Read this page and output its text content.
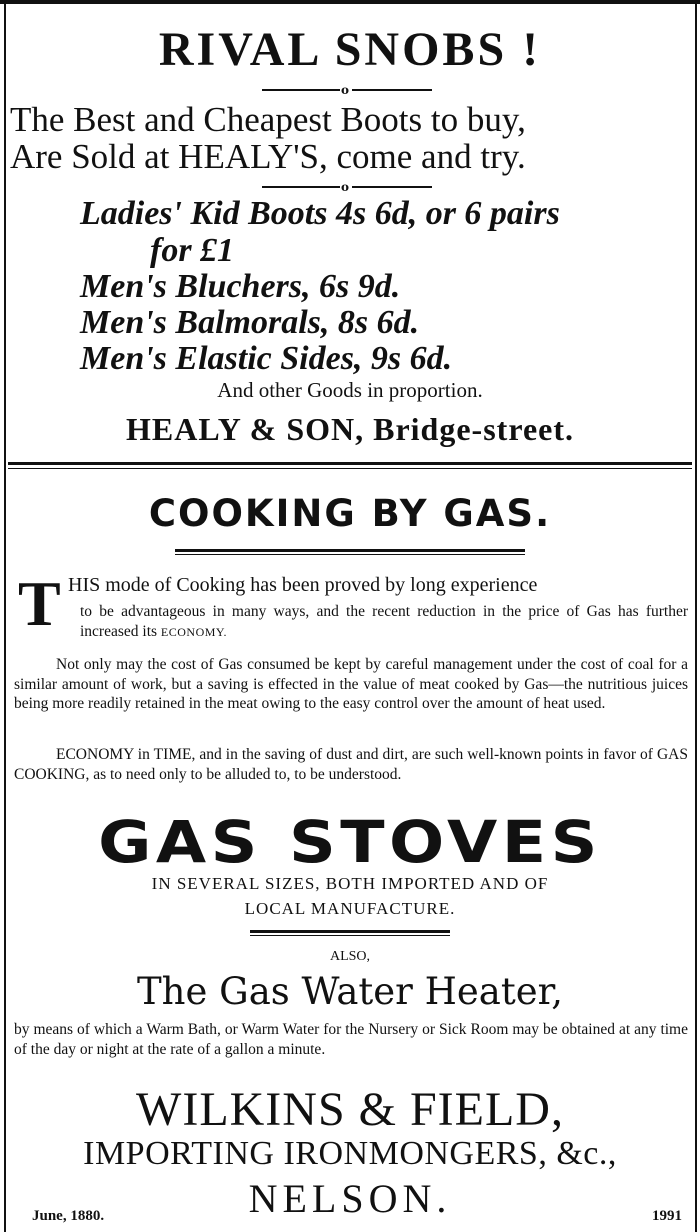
RIVAL SNOBS !
o
The Best and Cheapest Boots to buy,
Are Sold at HEALY'S, come and try.
o
Ladies' Kid Boots 4s 6d, or 6 pairs
for £1
Men's Bluchers, 6s 9d.
Men's Balmorals, 8s 6d.
Men's Elastic Sides, 9s 6d.
And other Goods in proportion.
HEALY & SON, Bridge-street.
COOKING BY GAS.
T HIS mode of Cooking has been proved by long experience
to be advantageous in many ways, and the recent reduction in the price of Gas has further increased its ECONOMY.
Not only may the cost of Gas consumed be kept by careful management under the cost of coal for a similar amount of work, but a saving is effected in the value of meat cooked by Gas—the nutritious juices being more readily retained in the meat owing to the easy control over the amount of heat used.
ECONOMY in TIME, and in the saving of dust and dirt, are such well-known points in favor of GAS COOKING, as to need only to be alluded to, to be understood.
GAS STOVES
IN SEVERAL SIZES, BOTH IMPORTED AND OF
LOCAL MANUFACTURE.
ALSO,
The Gas Water Heater,
by means of which a Warm Bath, or Warm Water for the Nursery or Sick Room may be obtained at any time of the day or night at the rate of a gallon a minute.
WILKINS & FIELD,
IMPORTING IRONMONGERS, &c.,
NELSON.
June, 1880.	1991
